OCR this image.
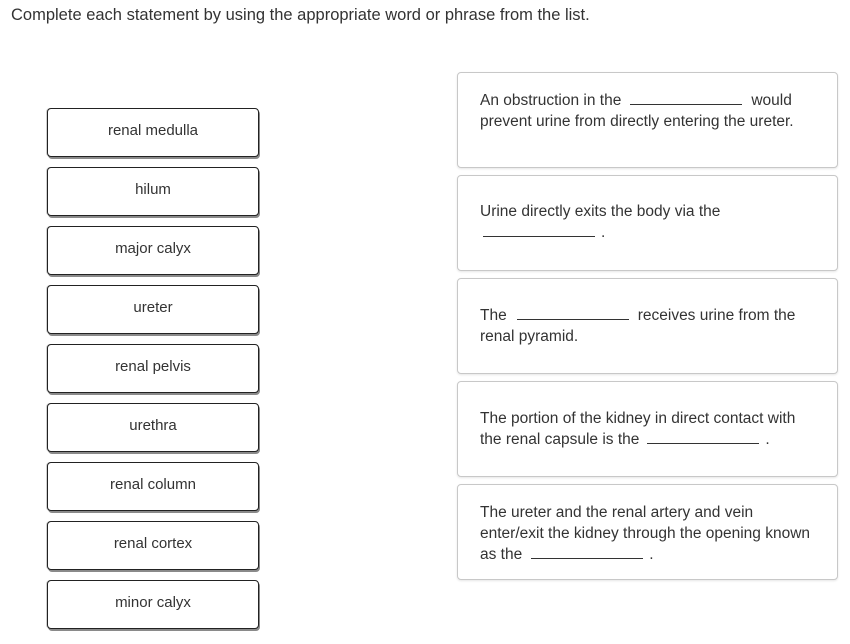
Complete each statement by using the appropriate word or phrase from the list.
renal medulla
hilum
major calyx
ureter
renal pelvis
urethra
renal column
renal cortex
minor calyx
An obstruction in the	would prevent urine from directly entering the ureter.
Urine directly exits the body via the
.
The	receives urine from the renal pyramid.
The portion of the kidney in direct contact with the renal capsule is the	.
The ureter and the renal artery and vein enter/exit the kidney through the opening known as the	.
